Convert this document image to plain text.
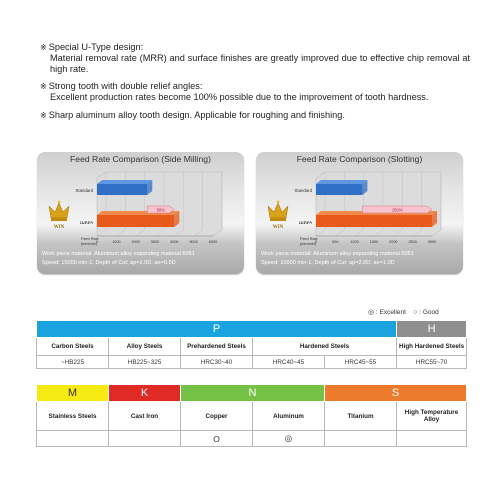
※ Special U-Type design:
Material removal rate (MRR) and surface finishes are greatly improved due to effective chip removal at high rate.
※ Strong tooth with double relief angles:
Excellent production rates become 100% possible due to the improvement of tooth hardness.
※ Sharp aluminum alloy tooth design. Applicable for roughing and finishing.
Feed Rate Comparison (Side Milling)
0	1000	2000	3000	4000	5000	6000
58%
Standard
ເນກກາ
Feed Rate
(mm/min)
WIN
Work piece material: Aluminum alloy expanding material 6061
Speed: 15000 min-1, Depth of Cut: ap=2.0D, ae=0.5D
Feed Rate Comparison (Slotting)
0	500	1000	1500	2000	2500	3000
150%
Standard
ເນກກາ
Feed Rate
(mm/min)
WIN
Work piece material: Aluminum alloy expanding material 6061
Speed: 10000 min-1, Depth of Cut: ap=2.0D, ae=1.0D
◎ : Excellent ○ : Good
P					H
Carbon Steels	Alloy Steels	Prehardened Steels	Hardened Steels		High Hardened Steels
~HB225	HB225~325	HRC30~40	HRC40~45	HRC45~55	HRC55~70
M	K	N		S	
Stainless Steels	Cast Iron	Copper	Aluminum	Titanium	High Temperature Alloy
		O	◎		
